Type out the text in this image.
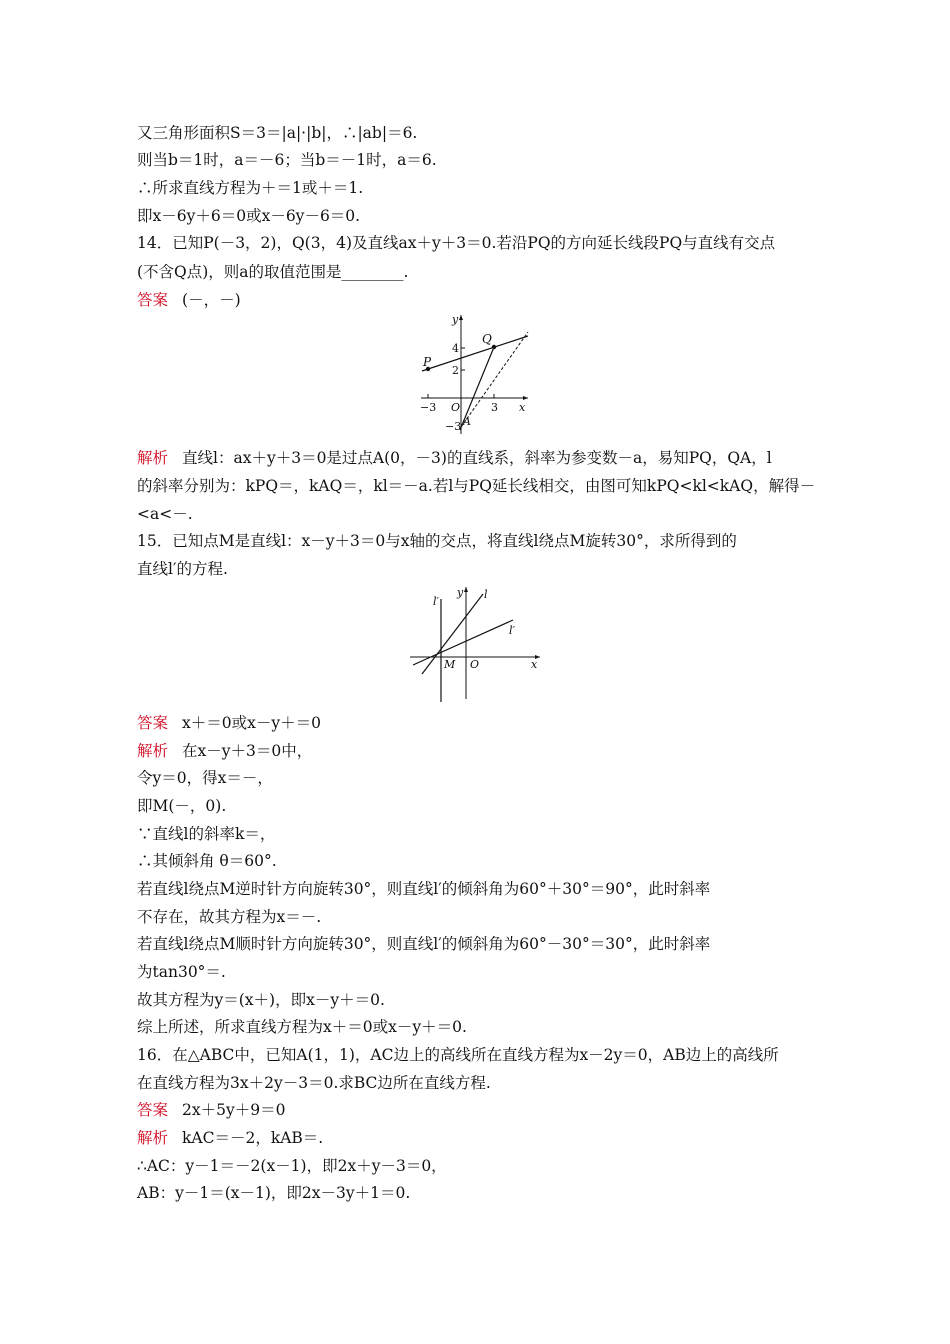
又三角形面积S＝3＝|a|·|b|，∴|ab|＝6.
则当b＝1时，a＝－6；当b＝－1时，a＝6.
∴所求直线方程为＋＝1或＋＝1.
即x－6y＋6＝0或x－6y－6＝0.
14．已知P(－3，2)，Q(3，4)及直线ax＋y＋3＝0.若沿PQ的方向延长线段PQ与直线有交点
(不含Q点)，则a的取值范围是________.
答案 (－，－)
y
x
P
Q
A
O
4
2
−3	3
−3
解析 直线l：ax＋y＋3＝0是过点A(0，－3)的直线系，斜率为参变数－a，易知PQ，QA，l
的斜率分别为：kPQ＝，kAQ＝，kl＝－a.若l与PQ延长线相交，由图可知kPQ<kl<kAQ，解得－
<a<－.
15．已知点M是直线l：x－y＋3＝0与x轴的交点，将直线l绕点M旋转30°，求所得到的
直线l′的方程.
y l
l′
l′
M O	x
答案 x＋＝0或x－y＋＝0
解析 在x－y＋3＝0中，
令y＝0，得x＝－，
即M(－，0).
∵直线l的斜率k＝，
∴其倾斜角 θ＝60°.
若直线l绕点M逆时针方向旋转30°，则直线l′的倾斜角为60°＋30°＝90°，此时斜率
不存在，故其方程为x＝－.
若直线l绕点M顺时针方向旋转30°，则直线l′的倾斜角为60°－30°＝30°，此时斜率
为tan30°＝.
故其方程为y＝(x＋)，即x－y＋＝0.
综上所述，所求直线方程为x＋＝0或x－y＋＝0.
16．在△ABC中，已知A(1，1)，AC边上的高线所在直线方程为x－2y＝0，AB边上的高线所
在直线方程为3x＋2y－3＝0.求BC边所在直线方程.
答案 2x＋5y＋9＝0
解析 kAC＝－2，kAB＝.
∴AC：y－1＝－2(x－1)，即2x＋y－3＝0，
AB：y－1＝(x－1)，即2x－3y＋1＝0.
